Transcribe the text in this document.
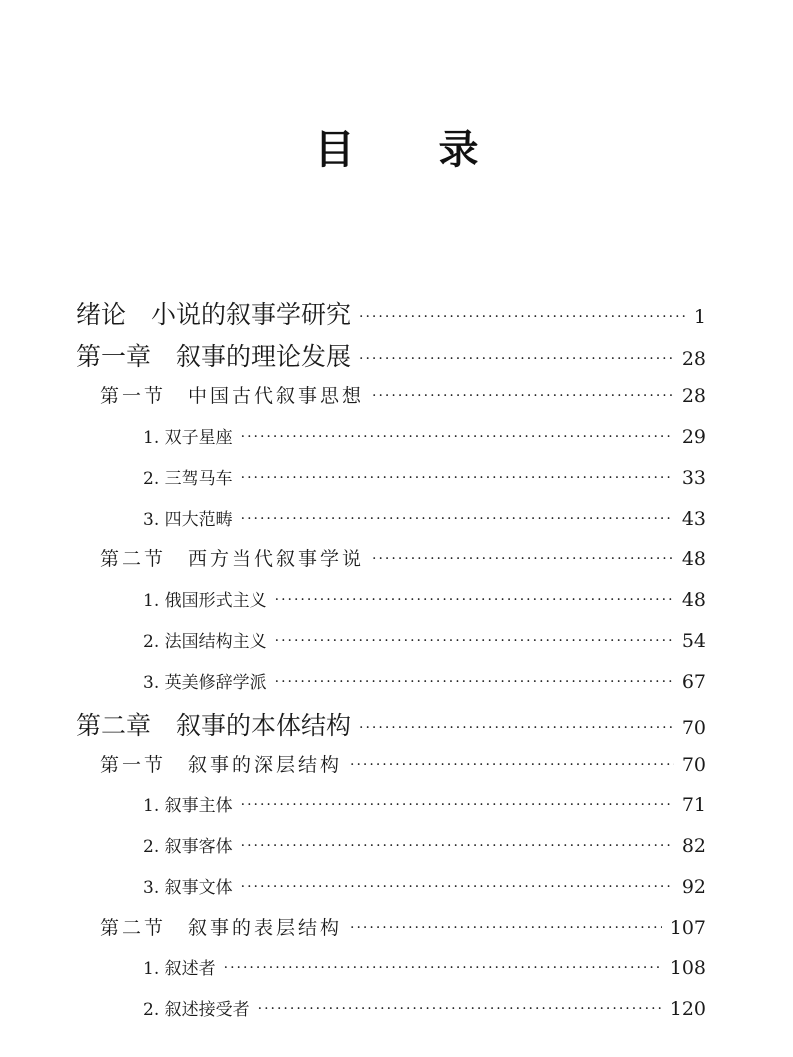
目 录
绪论　小说的叙事学研究 ·····	1
第一章　叙事的理论发展 ·····	28
第一节　中国古代叙事思想 ·····	28
1. 双子星座 ·····	29
2. 三驾马车 ·····	33
3. 四大范畴 ·····	43
第二节　西方当代叙事学说 ·····	48
1. 俄国形式主义 ·····	48
2. 法国结构主义 ·····	54
3. 英美修辞学派 ·····	67
第二章　叙事的本体结构 ·····	70
第一节　叙事的深层结构 ·····	70
1. 叙事主体 ·····	71
2. 叙事客体 ·····	82
3. 叙事文体 ·····	92
第二节　叙事的表层结构 ·····	107
1. 叙述者 ·····	108
2. 叙述接受者 ·····	120
